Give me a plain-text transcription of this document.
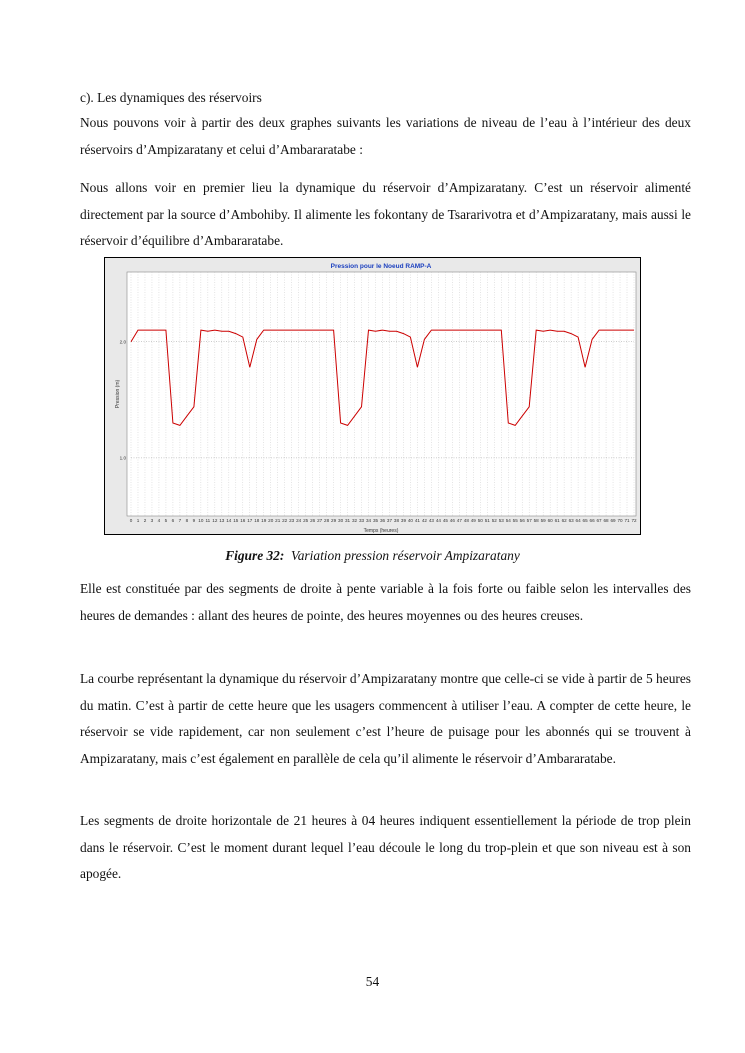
c). Les dynamiques des réservoirs

Nous pouvons voir à partir des deux graphes suivants les variations de niveau de l’eau à l’intérieur des deux réservoirs d’Ampizaratany et celui d’Ambararatabe :

Nous allons voir en premier lieu la dynamique du réservoir d’Ampizaratany. C’est un réservoir alimenté directement par la source d’Ambohiby. Il alimente les fokontany de Tsararivotra et d’Ampizaratany, mais aussi le réservoir d’équilibre d’Ambararatabe.

Pression pour le Noeud RAMP-A
Temps (heures)
Pression (m)
0 1 2 3 4 5 6 7 8 9 10 11 12 13 14 15 16 17 18 19 20 21 22 23 24 25 26 27 28 29 30 31 32 33 34 35 36 37 38 39 40 41 42 43 44 45 46 47 48 49 50 51 52 53 54 55 56 57 58 59 60 61 62 63 64 65 66 67 68 69 70 71 72
1.0
2.0
Figure 32: Variation pression réservoir Ampizaratany

Elle est constituée par des segments de droite à pente variable à la fois forte ou faible selon les intervalles des heures de demandes : allant des heures de pointe, des heures moyennes ou des heures creuses.

La courbe représentant la dynamique du réservoir d’Ampizaratany montre que celle-ci se vide à partir de 5 heures du matin. C’est à partir de cette heure que les usagers commencent à utiliser l’eau. A compter de cette heure, le réservoir se vide rapidement, car non seulement c’est l’heure de puisage pour les abonnés qui se trouvent à Ampizaratany, mais c’est également en parallèle de cela qu’il alimente le réservoir d’Ambararatabe.

Les segments de droite horizontale de 21 heures à 04 heures indiquent essentiellement la période de trop plein dans le réservoir. C’est le moment durant lequel l’eau découle le long du trop-plein et que son niveau est à son apogée.

54
